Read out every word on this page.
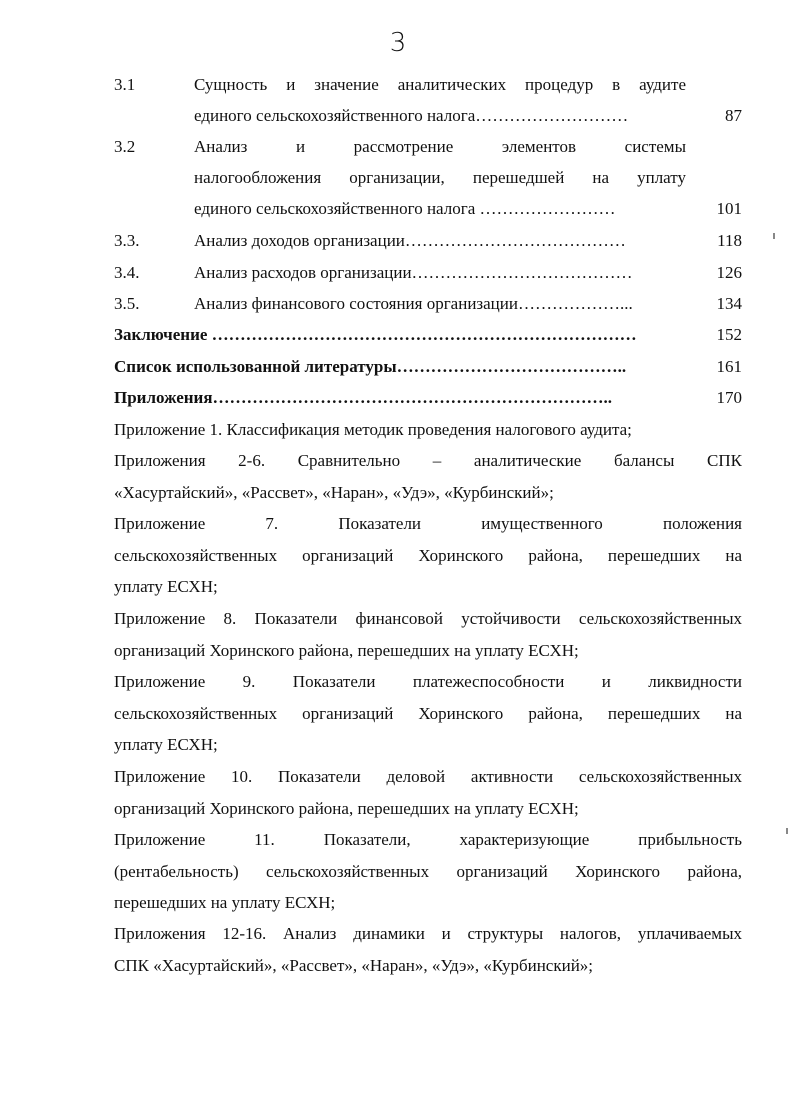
3
3.1	Сущность и значение аналитических процедур в аудите
единого сельскохозяйственного налога………………………	87
3.2	Анализ и рассмотрение элементов системы
налогообложения организации, перешедшей на уплату
единого сельскохозяйственного налога ……………………	101
3.3.	Анализ доходов организации…………………………………	118
3.4.	Анализ расходов организации…………………………………	126
3.5.	Анализ финансового состояния организации………………...	134
Заключение …………………………………………………………………	152
Список использованной литературы…………………………………..	161
Приложения……………………………………………………………..	170
Приложение 1. Классификация методик проведения налогового аудита;
Приложения 2-6. Сравнительно – аналитические балансы СПК
«Хасуртайский», «Рассвет», «Наран», «Удэ», «Курбинский»;
Приложение 7. Показатели имущественного положения
сельскохозяйственных организаций Хоринского района, перешедших на
уплату ЕСХН;
Приложение 8. Показатели финансовой устойчивости сельскохозяйственных
организаций Хоринского района, перешедших на уплату ЕСХН;
Приложение 9. Показатели платежеспособности и ликвидности
сельскохозяйственных организаций Хоринского района, перешедших на
уплату ЕСХН;
Приложение 10. Показатели деловой активности сельскохозяйственных
организаций Хоринского района, перешедших на уплату ЕСХН;
Приложение 11. Показатели, характеризующие прибыльность
(рентабельность) сельскохозяйственных организаций Хоринского района,
перешедших на уплату ЕСХН;
Приложения 12-16. Анализ динамики и структуры налогов, уплачиваемых
СПК «Хасуртайский», «Рассвет», «Наран», «Удэ», «Курбинский»;
